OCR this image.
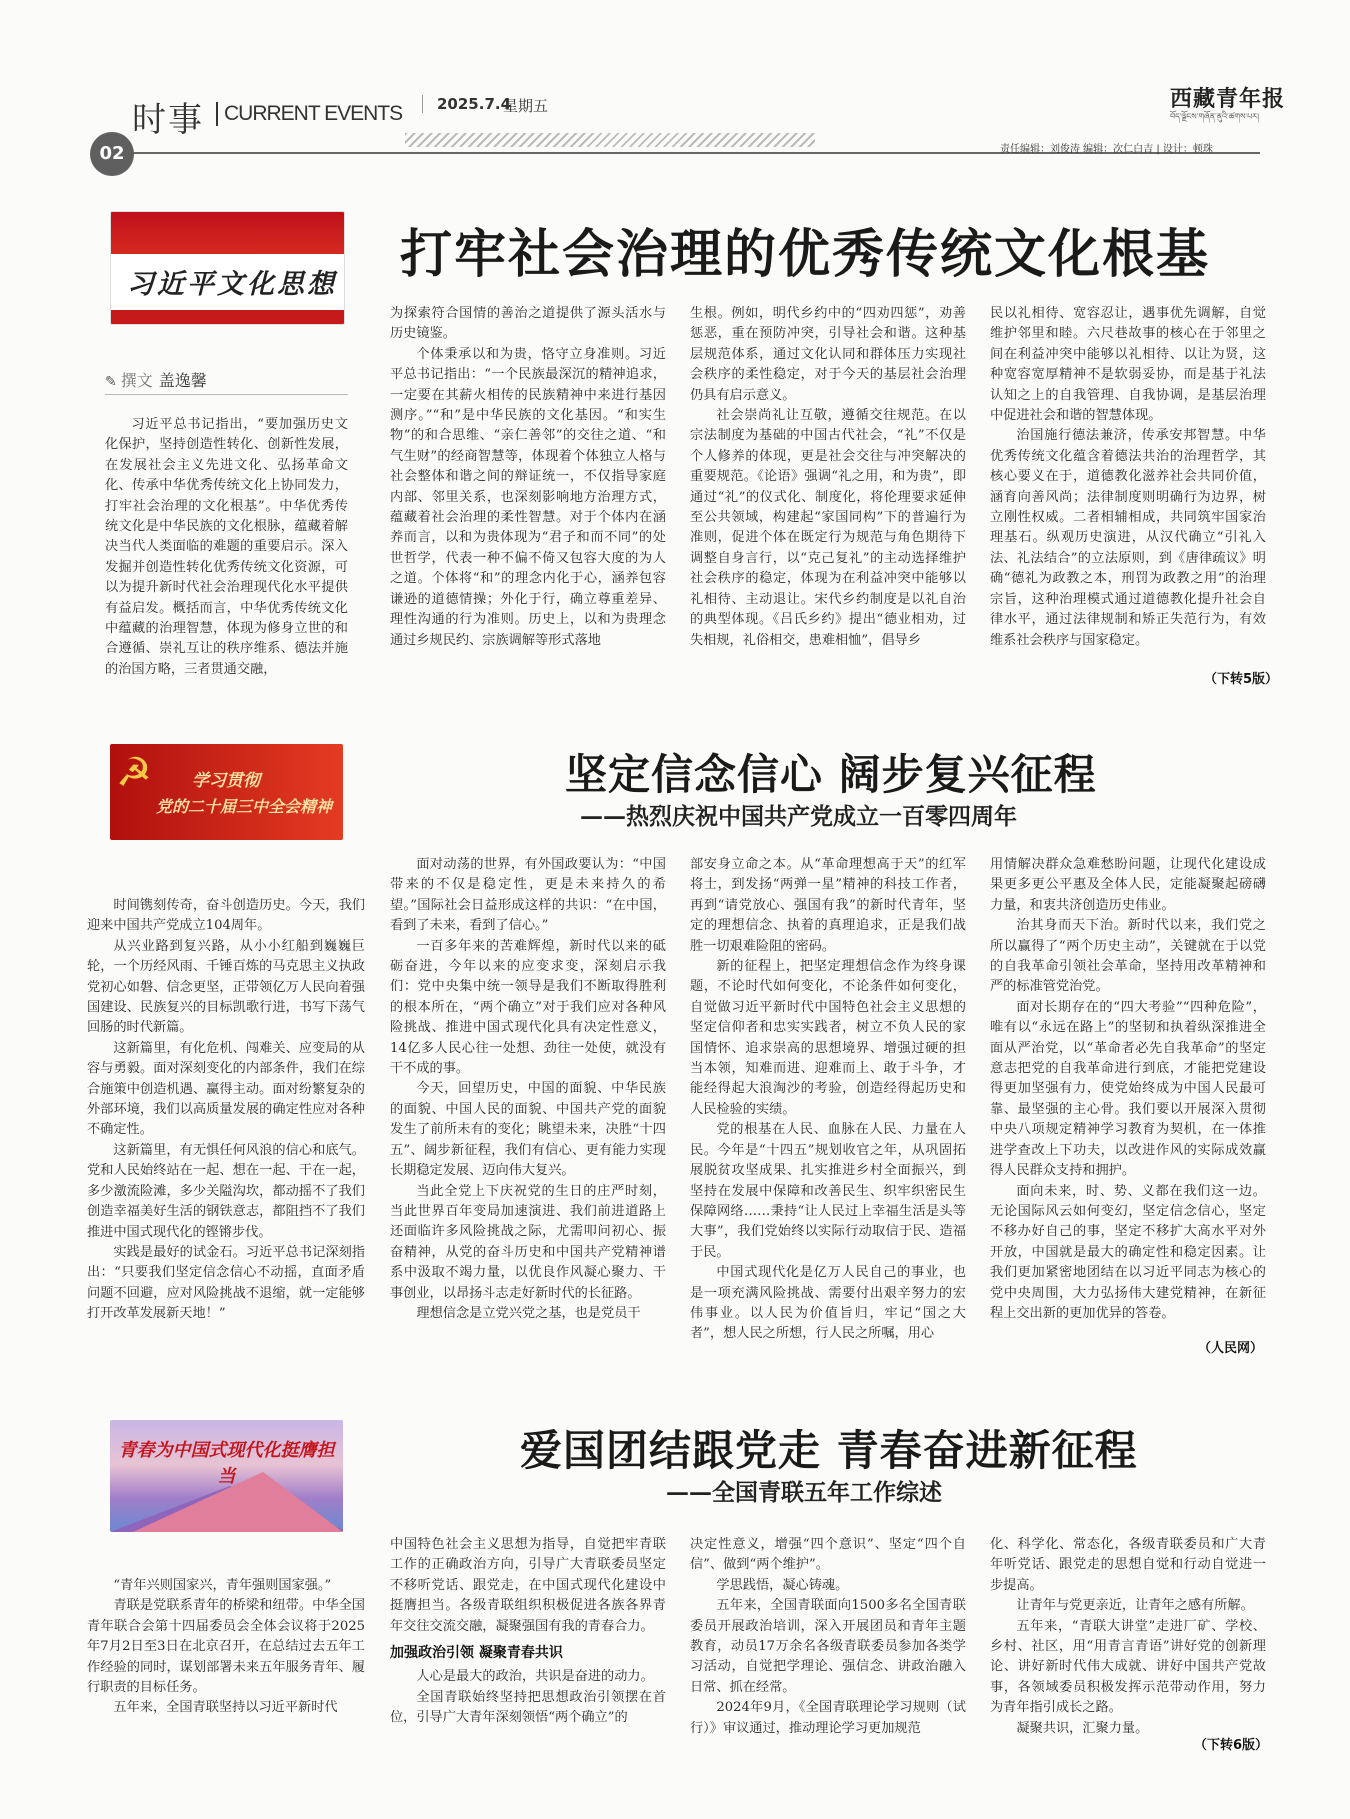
时事 CURRENT EVENTS	2025.7.4
星期五	西藏青年报
བོད་ལྗོངས་གཞོན་ནུའི་ཚགས་པར།
02	责任编辑：刘俊涛 编辑：次仁白吉 | 设计：顿珠
习近平文化思想 打牢社会治理的优秀传统文化根基
✎ 撰文 盖逸馨

习近平总书记指出，“要加强历史文化保护，坚持创造性转化、创新性发展，在发展社会主义先进文化、弘扬革命文化、传承中华优秀传统文化上协同发力，打牢社会治理的文化根基”。中华优秀传统文化是中华民族的文化根脉，蕴藏着解决当代人类面临的难题的重要启示。深入发掘并创造性转化优秀传统文化资源，可以为提升新时代社会治理现代化水平提供有益启发。概括而言，中华优秀传统文化中蕴藏的治理智慧，体现为修身立世的和合遵循、崇礼互让的秩序维系、德法并施的治国方略，三者贯通交融，

为探索符合国情的善治之道提供了源头活水与历史镜鉴。

个体秉承以和为贵，恪守立身准则。习近平总书记指出：“一个民族最深沉的精神追求，一定要在其薪火相传的民族精神中来进行基因测序。”“和”是中华民族的文化基因。“和实生物”的和合思维、“亲仁善邻”的交往之道、“和气生财”的经商智慧等，体现着个体独立人格与社会整体和谐之间的辩证统一，不仅指导家庭内部、邻里关系，也深刻影响地方治理方式，蕴藏着社会治理的柔性智慧。对于个体内在涵养而言，以和为贵体现为“君子和而不同”的处世哲学，代表一种不偏不倚又包容大度的为人之道。个体将“和”的理念内化于心，涵养包容谦逊的道德情操；外化于行，确立尊重差异、理性沟通的行为准则。历史上，以和为贵理念通过乡规民约、宗族调解等形式落地

生根。例如，明代乡约中的“四劝四惩”，劝善惩恶，重在预防冲突，引导社会和谐。这种基层规范体系，通过文化认同和群体压力实现社会秩序的柔性稳定，对于今天的基层社会治理仍具有启示意义。

社会崇尚礼让互敬，遵循交往规范。在以宗法制度为基础的中国古代社会，“礼”不仅是个人修养的体现，更是社会交往与冲突解决的重要规范。《论语》强调“礼之用，和为贵”，即通过“礼”的仪式化、制度化，将伦理要求延伸至公共领域，构建起“家国同构”下的普遍行为准则，促进个体在既定行为规范与角色期待下调整自身言行，以“克己复礼”的主动选择维护社会秩序的稳定，体现为在利益冲突中能够以礼相待、主动退让。宋代乡约制度是以礼自治的典型体现。《吕氏乡约》提出“德业相劝，过失相规，礼俗相交，患难相恤”，倡导乡

民以礼相待、宽容忍让，遇事优先调解，自觉维护邻里和睦。六尺巷故事的核心在于邻里之间在利益冲突中能够以礼相待、以让为贤，这种宽容宽厚精神不是软弱妥协，而是基于礼法认知之上的自我管理、自我协调，是基层治理中促进社会和谐的智慧体现。

治国施行德法兼济，传承安邦智慧。中华优秀传统文化蕴含着德法共治的治理哲学，其核心要义在于，道德教化滋养社会共同价值，涵育向善风尚；法律制度则明确行为边界，树立刚性权威。二者相辅相成，共同筑牢国家治理基石。纵观历史演进，从汉代确立“引礼入法、礼法结合”的立法原则，到《唐律疏议》明确“德礼为政教之本，刑罚为政教之用”的治理宗旨，这种治理模式通过道德教化提升社会自律水平，通过法律规制和矫正失范行为，有效维系社会秩序与国家稳定。

（下转5版）
☭ 学习贯彻
党的二十届三中全会精神
坚定信念信心 阔步复兴征程
——热烈庆祝中国共产党成立一百零四周年

时间镌刻传奇，奋斗创造历史。今天，我们迎来中国共产党成立104周年。

从兴业路到复兴路，从小小红船到巍巍巨轮，一个历经风雨、千锤百炼的马克思主义执政党初心如磐、信念更坚，正带领亿万人民向着强国建设、民族复兴的目标凯歌行进，书写下荡气回肠的时代新篇。

这新篇里，有化危机、闯难关、应变局的从容与勇毅。面对深刻变化的内部条件，我们在综合施策中创造机遇、赢得主动。面对纷繁复杂的外部环境，我们以高质量发展的确定性应对各种不确定性。

这新篇里，有无惧任何风浪的信心和底气。党和人民始终站在一起、想在一起、干在一起，多少激流险滩，多少关隘沟坎，都动摇不了我们创造幸福美好生活的钢铁意志，都阻挡不了我们推进中国式现代化的铿锵步伐。

实践是最好的试金石。习近平总书记深刻指出：“只要我们坚定信念信心不动摇，直面矛盾问题不回避，应对风险挑战不退缩，就一定能够打开改革发展新天地！”

面对动荡的世界，有外国政要认为：“中国带来的不仅是稳定性，更是未来持久的希望。”国际社会日益形成这样的共识：“在中国，看到了未来，看到了信心。”

一百多年来的苦难辉煌，新时代以来的砥砺奋进，今年以来的应变求变，深刻启示我们：党中央集中统一领导是我们不断取得胜利的根本所在，“两个确立”对于我们应对各种风险挑战、推进中国式现代化具有决定性意义，14亿多人民心往一处想、劲往一处使，就没有干不成的事。

今天，回望历史，中国的面貌、中华民族的面貌、中国人民的面貌、中国共产党的面貌发生了前所未有的变化；眺望未来，决胜“十四五”、阔步新征程，我们有信心、更有能力实现长期稳定发展、迈向伟大复兴。

当此全党上下庆祝党的生日的庄严时刻，当此世界百年变局加速演进、我们前进道路上还面临许多风险挑战之际，尤需叩问初心、振奋精神，从党的奋斗历史和中国共产党精神谱系中汲取不竭力量，以优良作风凝心聚力、干事创业，以昂扬斗志走好新时代的长征路。

理想信念是立党兴党之基，也是党员干

部安身立命之本。从“革命理想高于天”的红军将士，到发扬“两弹一星”精神的科技工作者，再到“请党放心、强国有我”的新时代青年，坚定的理想信念、执着的真理追求，正是我们战胜一切艰难险阻的密码。

新的征程上，把坚定理想信念作为终身课题，不论时代如何变化，不论条件如何变化，自觉做习近平新时代中国特色社会主义思想的坚定信仰者和忠实实践者，树立不负人民的家国情怀、追求崇高的思想境界、增强过硬的担当本领，知难而进、迎难而上、敢于斗争，才能经得起大浪淘沙的考验，创造经得起历史和人民检验的实绩。

党的根基在人民、血脉在人民、力量在人民。今年是“十四五”规划收官之年，从巩固拓展脱贫攻坚成果、扎实推进乡村全面振兴，到坚持在发展中保障和改善民生、织牢织密民生保障网络……秉持“让人民过上幸福生活是头等大事”，我们党始终以实际行动取信于民、造福于民。

中国式现代化是亿万人民自己的事业，也是一项充满风险挑战、需要付出艰辛努力的宏伟事业。以人民为价值旨归，牢记“国之大者”，想人民之所想，行人民之所嘱，用心

用情解决群众急难愁盼问题，让现代化建设成果更多更公平惠及全体人民，定能凝聚起磅礴力量，和衷共济创造历史伟业。

治其身而天下治。新时代以来，我们党之所以赢得了“两个历史主动”，关键就在于以党的自我革命引领社会革命，坚持用改革精神和严的标准管党治党。

面对长期存在的“四大考验”“四种危险”，唯有以“永远在路上”的坚韧和执着纵深推进全面从严治党，以“革命者必先自我革命”的坚定意志把党的自我革命进行到底，才能把党建设得更加坚强有力，使党始终成为中国人民最可靠、最坚强的主心骨。我们要以开展深入贯彻中央八项规定精神学习教育为契机，在一体推进学查改上下功夫，以改进作风的实际成效赢得人民群众支持和拥护。

面向未来，时、势、义都在我们这一边。无论国际风云如何变幻，坚定信念信心，坚定不移办好自己的事，坚定不移扩大高水平对外开放，中国就是最大的确定性和稳定因素。让我们更加紧密地团结在以习近平同志为核心的党中央周围，大力弘扬伟大建党精神，在新征程上交出新的更加优异的答卷。

（人民网）
青春为中国式现代化挺膺担当
爱国团结跟党走 青春奋进新征程
——全国青联五年工作综述

“青年兴则国家兴，青年强则国家强。”

青联是党联系青年的桥梁和纽带。中华全国青年联合会第十四届委员会全体会议将于2025年7月2日至3日在北京召开，在总结过去五年工作经验的同时，谋划部署未来五年服务青年、履行职责的目标任务。

五年来，全国青联坚持以习近平新时代

中国特色社会主义思想为指导，自觉把牢青联工作的正确政治方向，引导广大青联委员坚定不移听党话、跟党走，在中国式现代化建设中挺膺担当。各级青联组织积极促进各族各界青年交往交流交融，凝聚强国有我的青春合力。

加强政治引领 凝聚青春共识

人心是最大的政治，共识是奋进的动力。

全国青联始终坚持把思想政治引领摆在首位，引导广大青年深刻领悟“两个确立”的

决定性意义，增强“四个意识”、坚定“四个自信”、做到“两个维护”。

学思践悟，凝心铸魂。

五年来，全国青联面向1500多名全国青联委员开展政治培训，深入开展团员和青年主题教育，动员17万余名各级青联委员参加各类学习活动，自觉把学理论、强信念、讲政治融入日常、抓在经常。

2024年9月，《全国青联理论学习规则（试行）》审议通过，推动理论学习更加规范

化、科学化、常态化，各级青联委员和广大青年听党话、跟党走的思想自觉和行动自觉进一步提高。

让青年与党更亲近，让青年之感有所解。

五年来，“青联大讲堂”走进厂矿、学校、乡村、社区，用“用青言青语”讲好党的创新理论、讲好新时代伟大成就、讲好中国共产党故事，各领域委员积极发挥示范带动作用，努力为青年指引成长之路。

凝聚共识，汇聚力量。

（下转6版）
